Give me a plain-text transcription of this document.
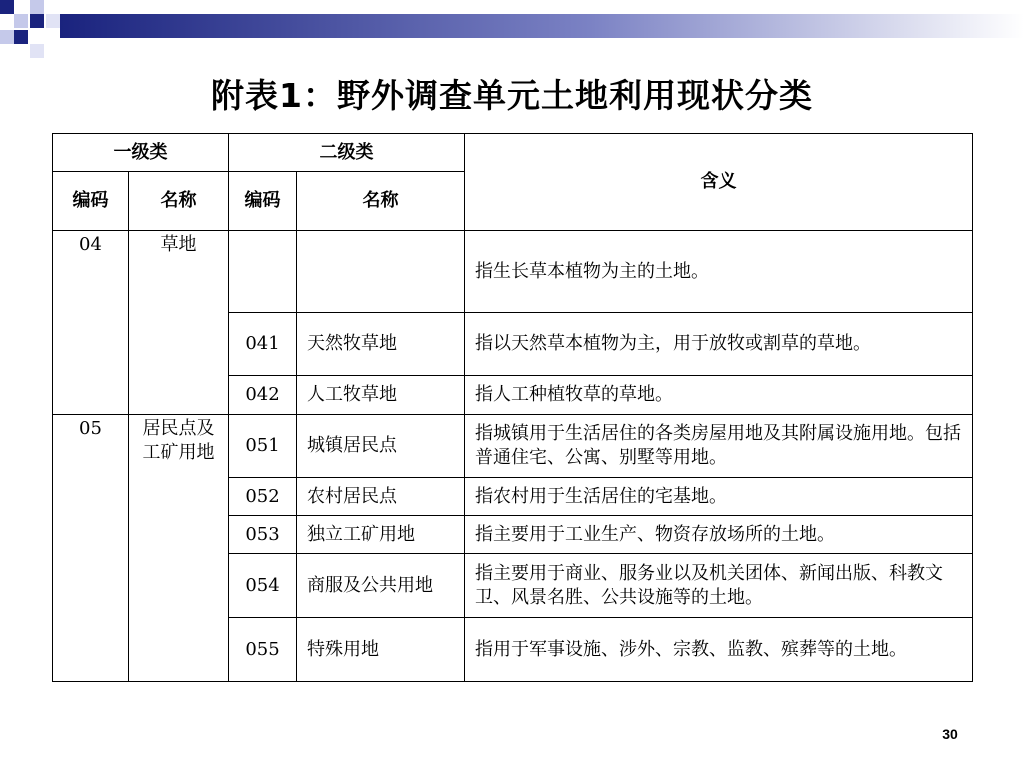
附表1：野外调查单元土地利用现状分类
一级类		二级类		含义
编码	名称	编码	名称	
04	草地			指生长草本植物为主的土地。
		041	天然牧草地	指以天然草本植物为主，用于放牧或割草的草地。
		042	人工牧草地	指人工种植牧草的草地。
05	居民点及工矿用地	051	城镇居民点	指城镇用于生活居住的各类房屋用地及其附属设施用地。包括普通住宅、公寓、别墅等用地。
		052	农村居民点	指农村用于生活居住的宅基地。
		053	独立工矿用地	指主要用于工业生产、物资存放场所的土地。
		054	商服及公共用地	指主要用于商业、服务业以及机关团体、新闻出版、科教文卫、风景名胜、公共设施等的土地。
		055	特殊用地	指用于军事设施、涉外、宗教、监教、殡葬等的土地。
30
